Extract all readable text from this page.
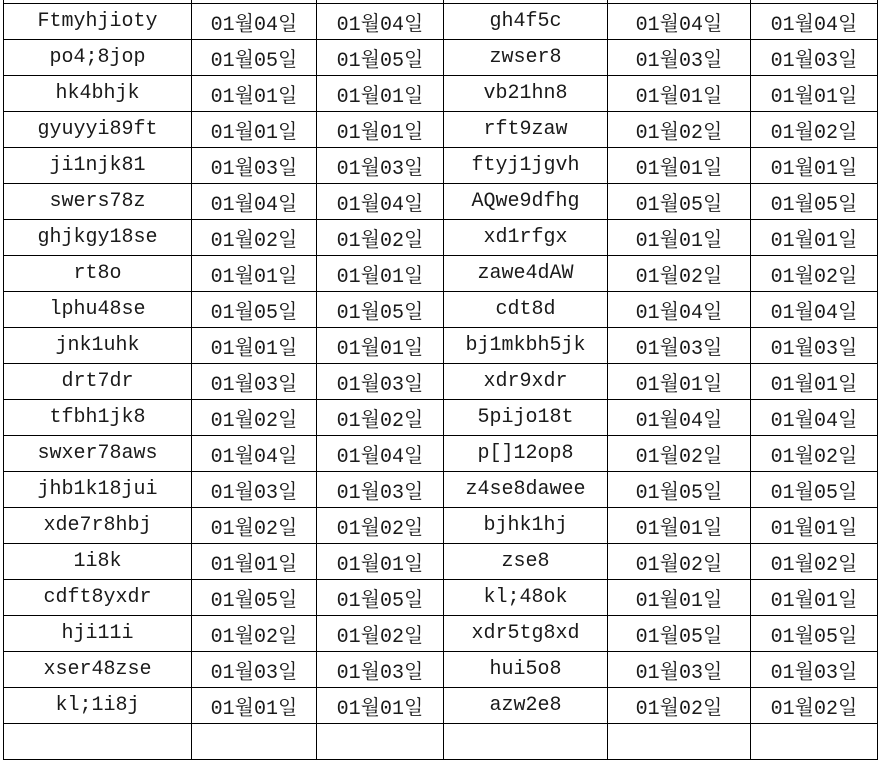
Ftmyhjioty	01월04일	01월04일	gh4f5c	01월04일	01월04일
po4;8jop	01월05일	01월05일	zwser8	01월03일	01월03일
hk4bhjk	01월01일	01월01일	vb21hn8	01월01일	01월01일
gyuyyi89ft	01월01일	01월01일	rft9zaw	01월02일	01월02일
ji1njk81	01월03일	01월03일	ftyj1jgvh	01월01일	01월01일
swers78z	01월04일	01월04일	AQwe9dfhg	01월05일	01월05일
ghjkgy18se	01월02일	01월02일	xd1rfgx	01월01일	01월01일
rt8o	01월01일	01월01일	zawe4dAW	01월02일	01월02일
lphu48se	01월05일	01월05일	cdt8d	01월04일	01월04일
jnk1uhk	01월01일	01월01일	bj1mkbh5jk	01월03일	01월03일
drt7dr	01월03일	01월03일	xdr9xdr	01월01일	01월01일
tfbh1jk8	01월02일	01월02일	5pijo18t	01월04일	01월04일
swxer78aws	01월04일	01월04일	p[]12op8	01월02일	01월02일
jhb1k18jui	01월03일	01월03일	z4se8dawee	01월05일	01월05일
xde7r8hbj	01월02일	01월02일	bjhk1hj	01월01일	01월01일
1i8k	01월01일	01월01일	zse8	01월02일	01월02일
cdft8yxdr	01월05일	01월05일	kl;48ok	01월01일	01월01일
hji11i	01월02일	01월02일	xdr5tg8xd	01월05일	01월05일
xser48zse	01월03일	01월03일	hui5o8	01월03일	01월03일
kl;1i8j	01월01일	01월01일	azw2e8	01월02일	01월02일
